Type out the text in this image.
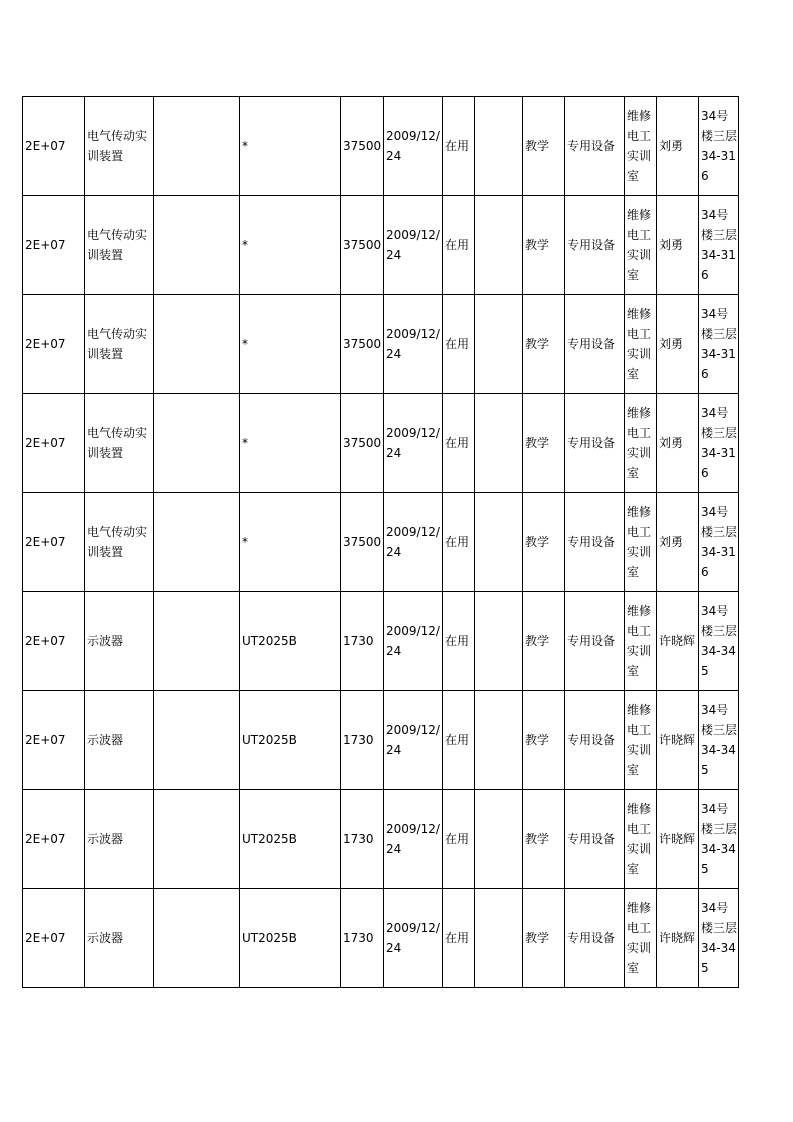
2E+07	电气传动实训装置		*	37500	2009/12/24	在用		教学	专用设备	维修电工实训室	刘勇	34号楼三层34-316
2E+07	电气传动实训装置		*	37500	2009/12/24	在用		教学	专用设备	维修电工实训室	刘勇	34号楼三层34-316
2E+07	电气传动实训装置		*	37500	2009/12/24	在用		教学	专用设备	维修电工实训室	刘勇	34号楼三层34-316
2E+07	电气传动实训装置		*	37500	2009/12/24	在用		教学	专用设备	维修电工实训室	刘勇	34号楼三层34-316
2E+07	电气传动实训装置		*	37500	2009/12/24	在用		教学	专用设备	维修电工实训室	刘勇	34号楼三层34-316
2E+07	示波器		UT2025B	1730	2009/12/24	在用		教学	专用设备	维修电工实训室	许晓辉	34号楼三层34-345
2E+07	示波器		UT2025B	1730	2009/12/24	在用		教学	专用设备	维修电工实训室	许晓辉	34号楼三层34-345
2E+07	示波器		UT2025B	1730	2009/12/24	在用		教学	专用设备	维修电工实训室	许晓辉	34号楼三层34-345
2E+07	示波器		UT2025B	1730	2009/12/24	在用		教学	专用设备	维修电工实训室	许晓辉	34号楼三层34-345
